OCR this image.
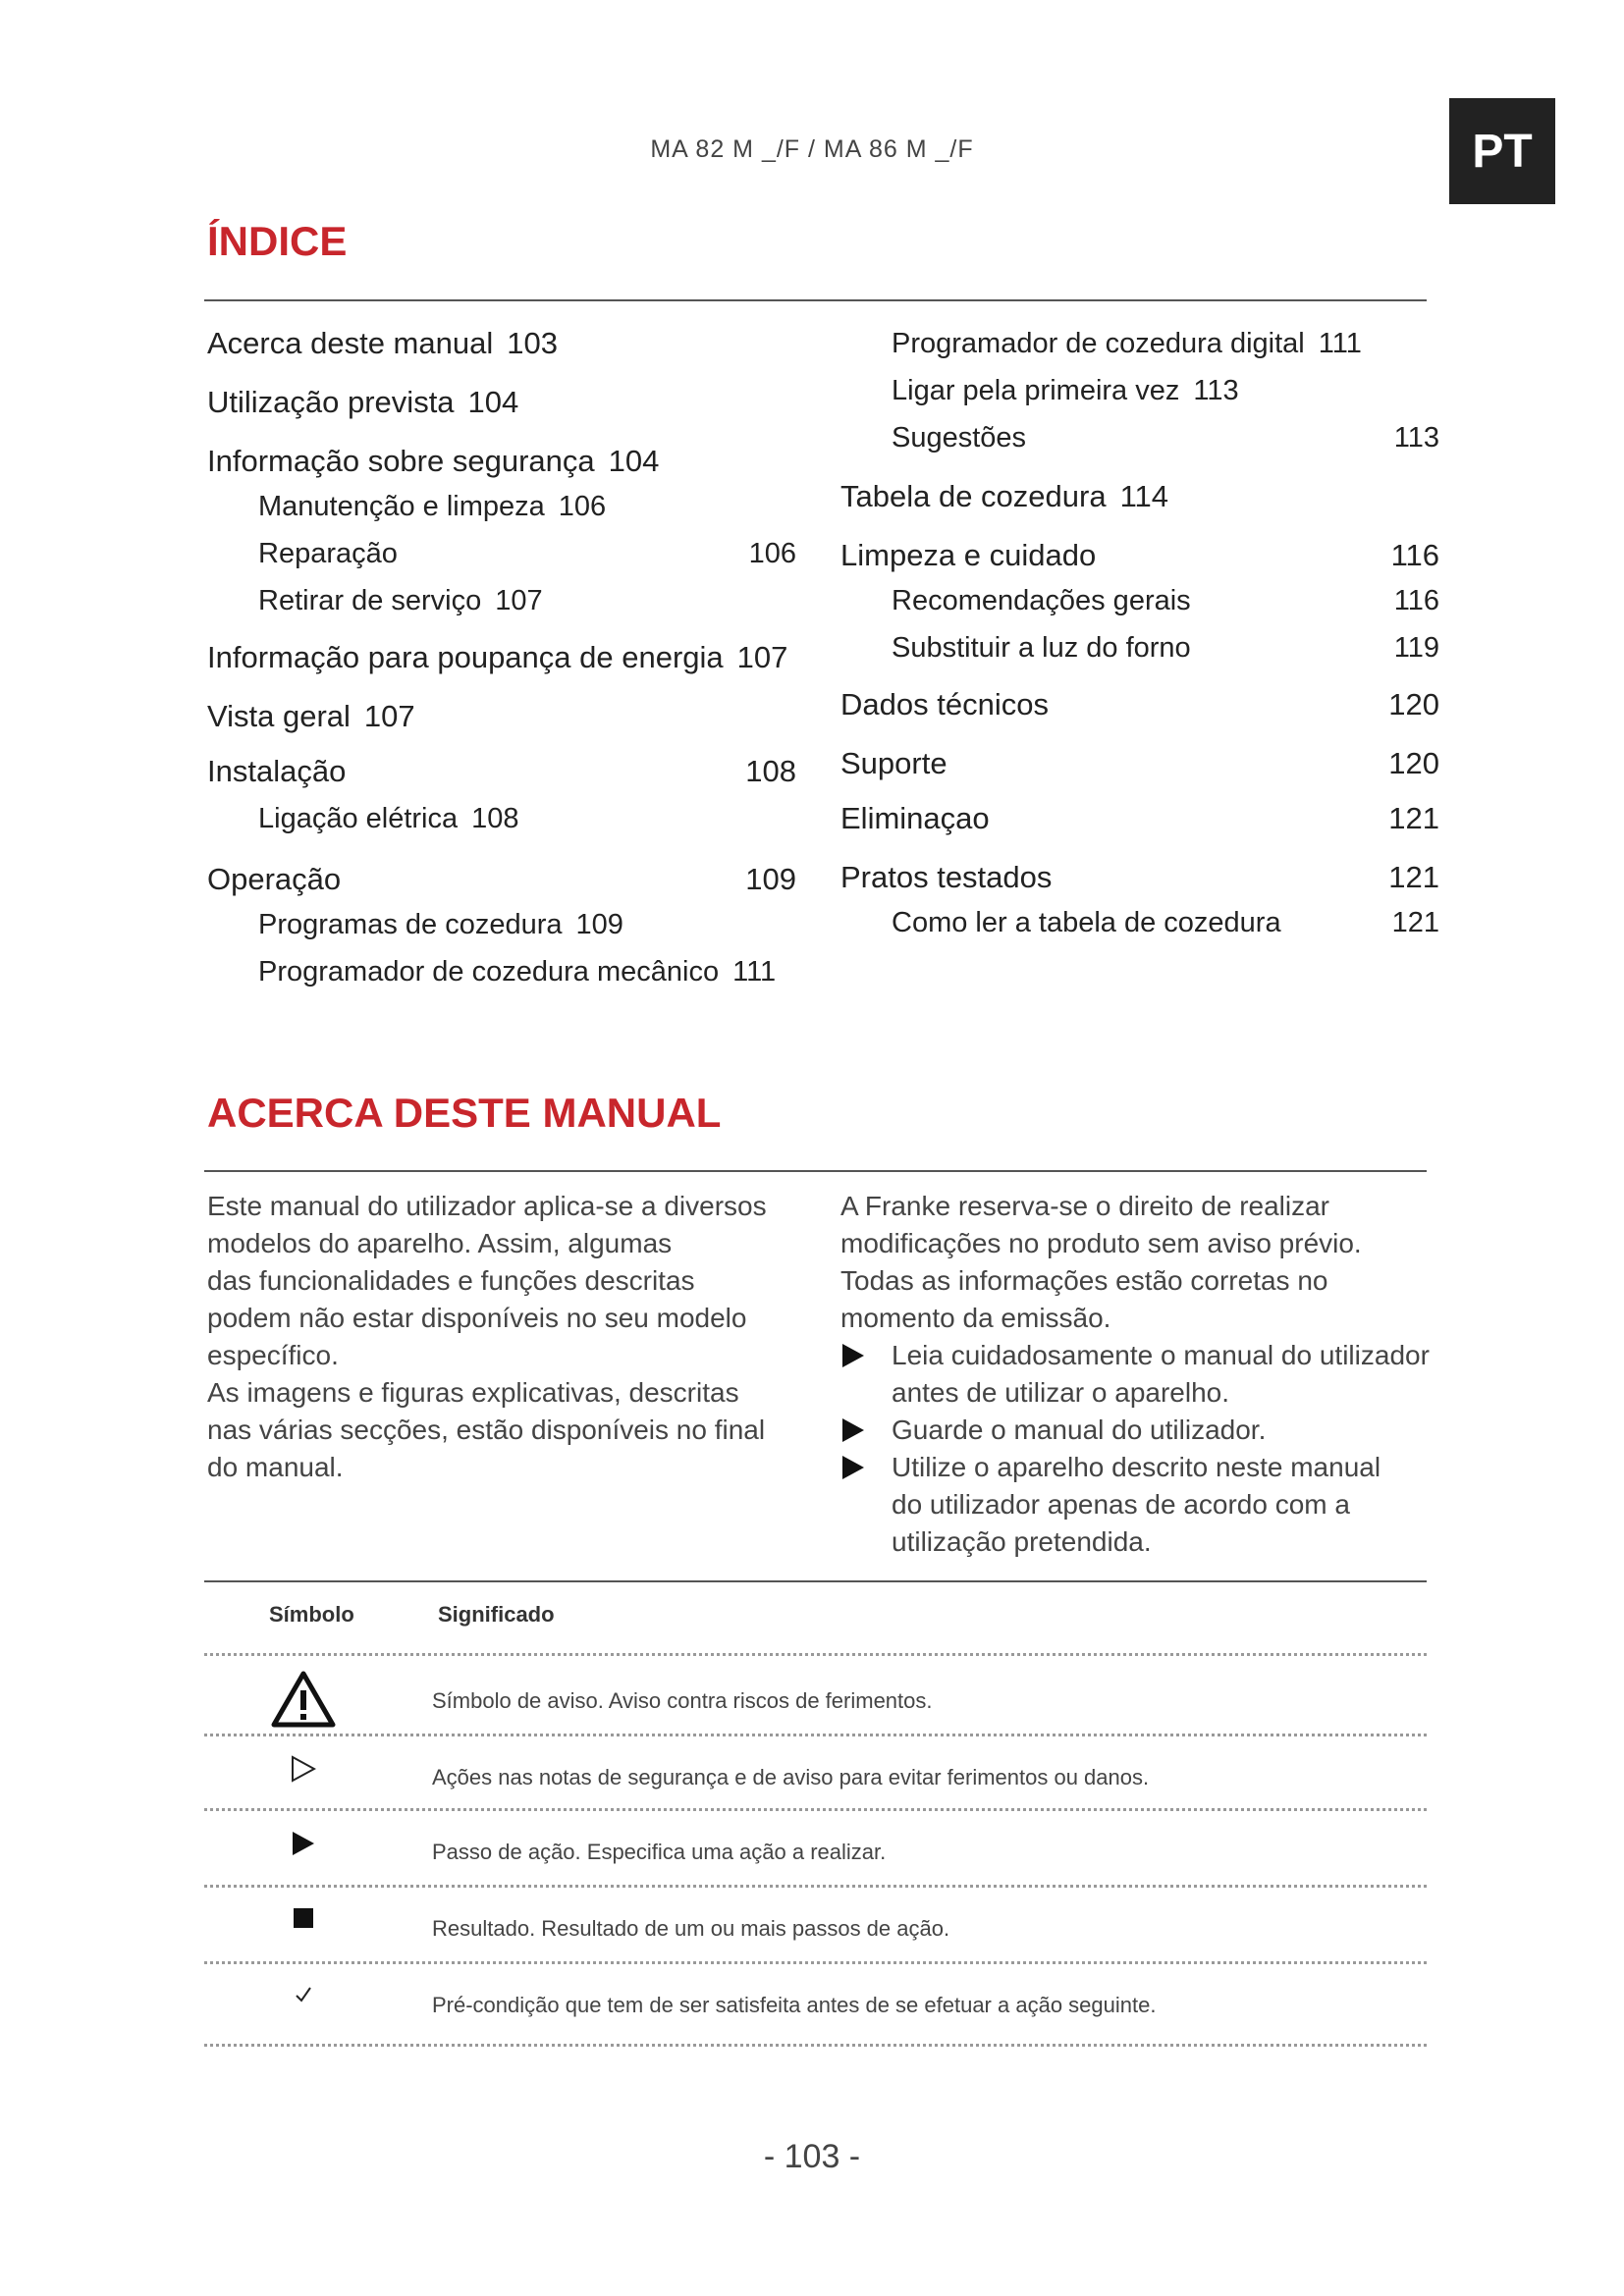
MA 82 M _/F / MA 86 M _/F	PT
ÍNDICE
Acerca deste manual 103
Utilização prevista 104
Informação sobre segurança 104
Manutenção e limpeza 106
Reparação	106
Retirar de serviço 107
Informação para poupança de energia 107
Vista geral 107
Instalação	108
Ligação elétrica 108
Operação	109
Programas de cozedura 109
Programador de cozedura mecânico 111
Programador de cozedura digital 111
Ligar pela primeira vez 113
Sugestões	113
Tabela de cozedura 114
Limpeza e cuidado	116
Recomendações gerais	116
Substituir a luz do forno	119
Dados técnicos	120
Suporte	120
Eliminaçao	121
Pratos testados	121
Como ler a tabela de cozedura	121
ACERCA DESTE MANUAL

Este manual do utilizador aplica-se a diversos

modelos do aparelho. Assim, algumas

das funcionalidades e funções descritas

podem não estar disponíveis no seu modelo

específico.

As imagens e figuras explicativas, descritas

nas várias secções, estão disponíveis no final

do manual.

A Franke reserva-se o direito de realizar

modificações no produto sem aviso prévio.

Todas as informações estão corretas no

momento da emissão.

Leia cuidadosamente o manual do utilizador

antes de utilizar o aparelho.

Guarde o manual do utilizador.

Utilize o aparelho descrito neste manual

do utilizador apenas de acordo com a

utilização pretendida.

Símbolo	Significado
Símbolo de aviso. Aviso contra riscos de ferimentos.
Ações nas notas de segurança e de aviso para evitar ferimentos ou danos.
Passo de ação. Especifica uma ação a realizar.
Resultado. Resultado de um ou mais passos de ação.
Pré-condição que tem de ser satisfeita antes de se efetuar a ação seguinte.
- 103 -
